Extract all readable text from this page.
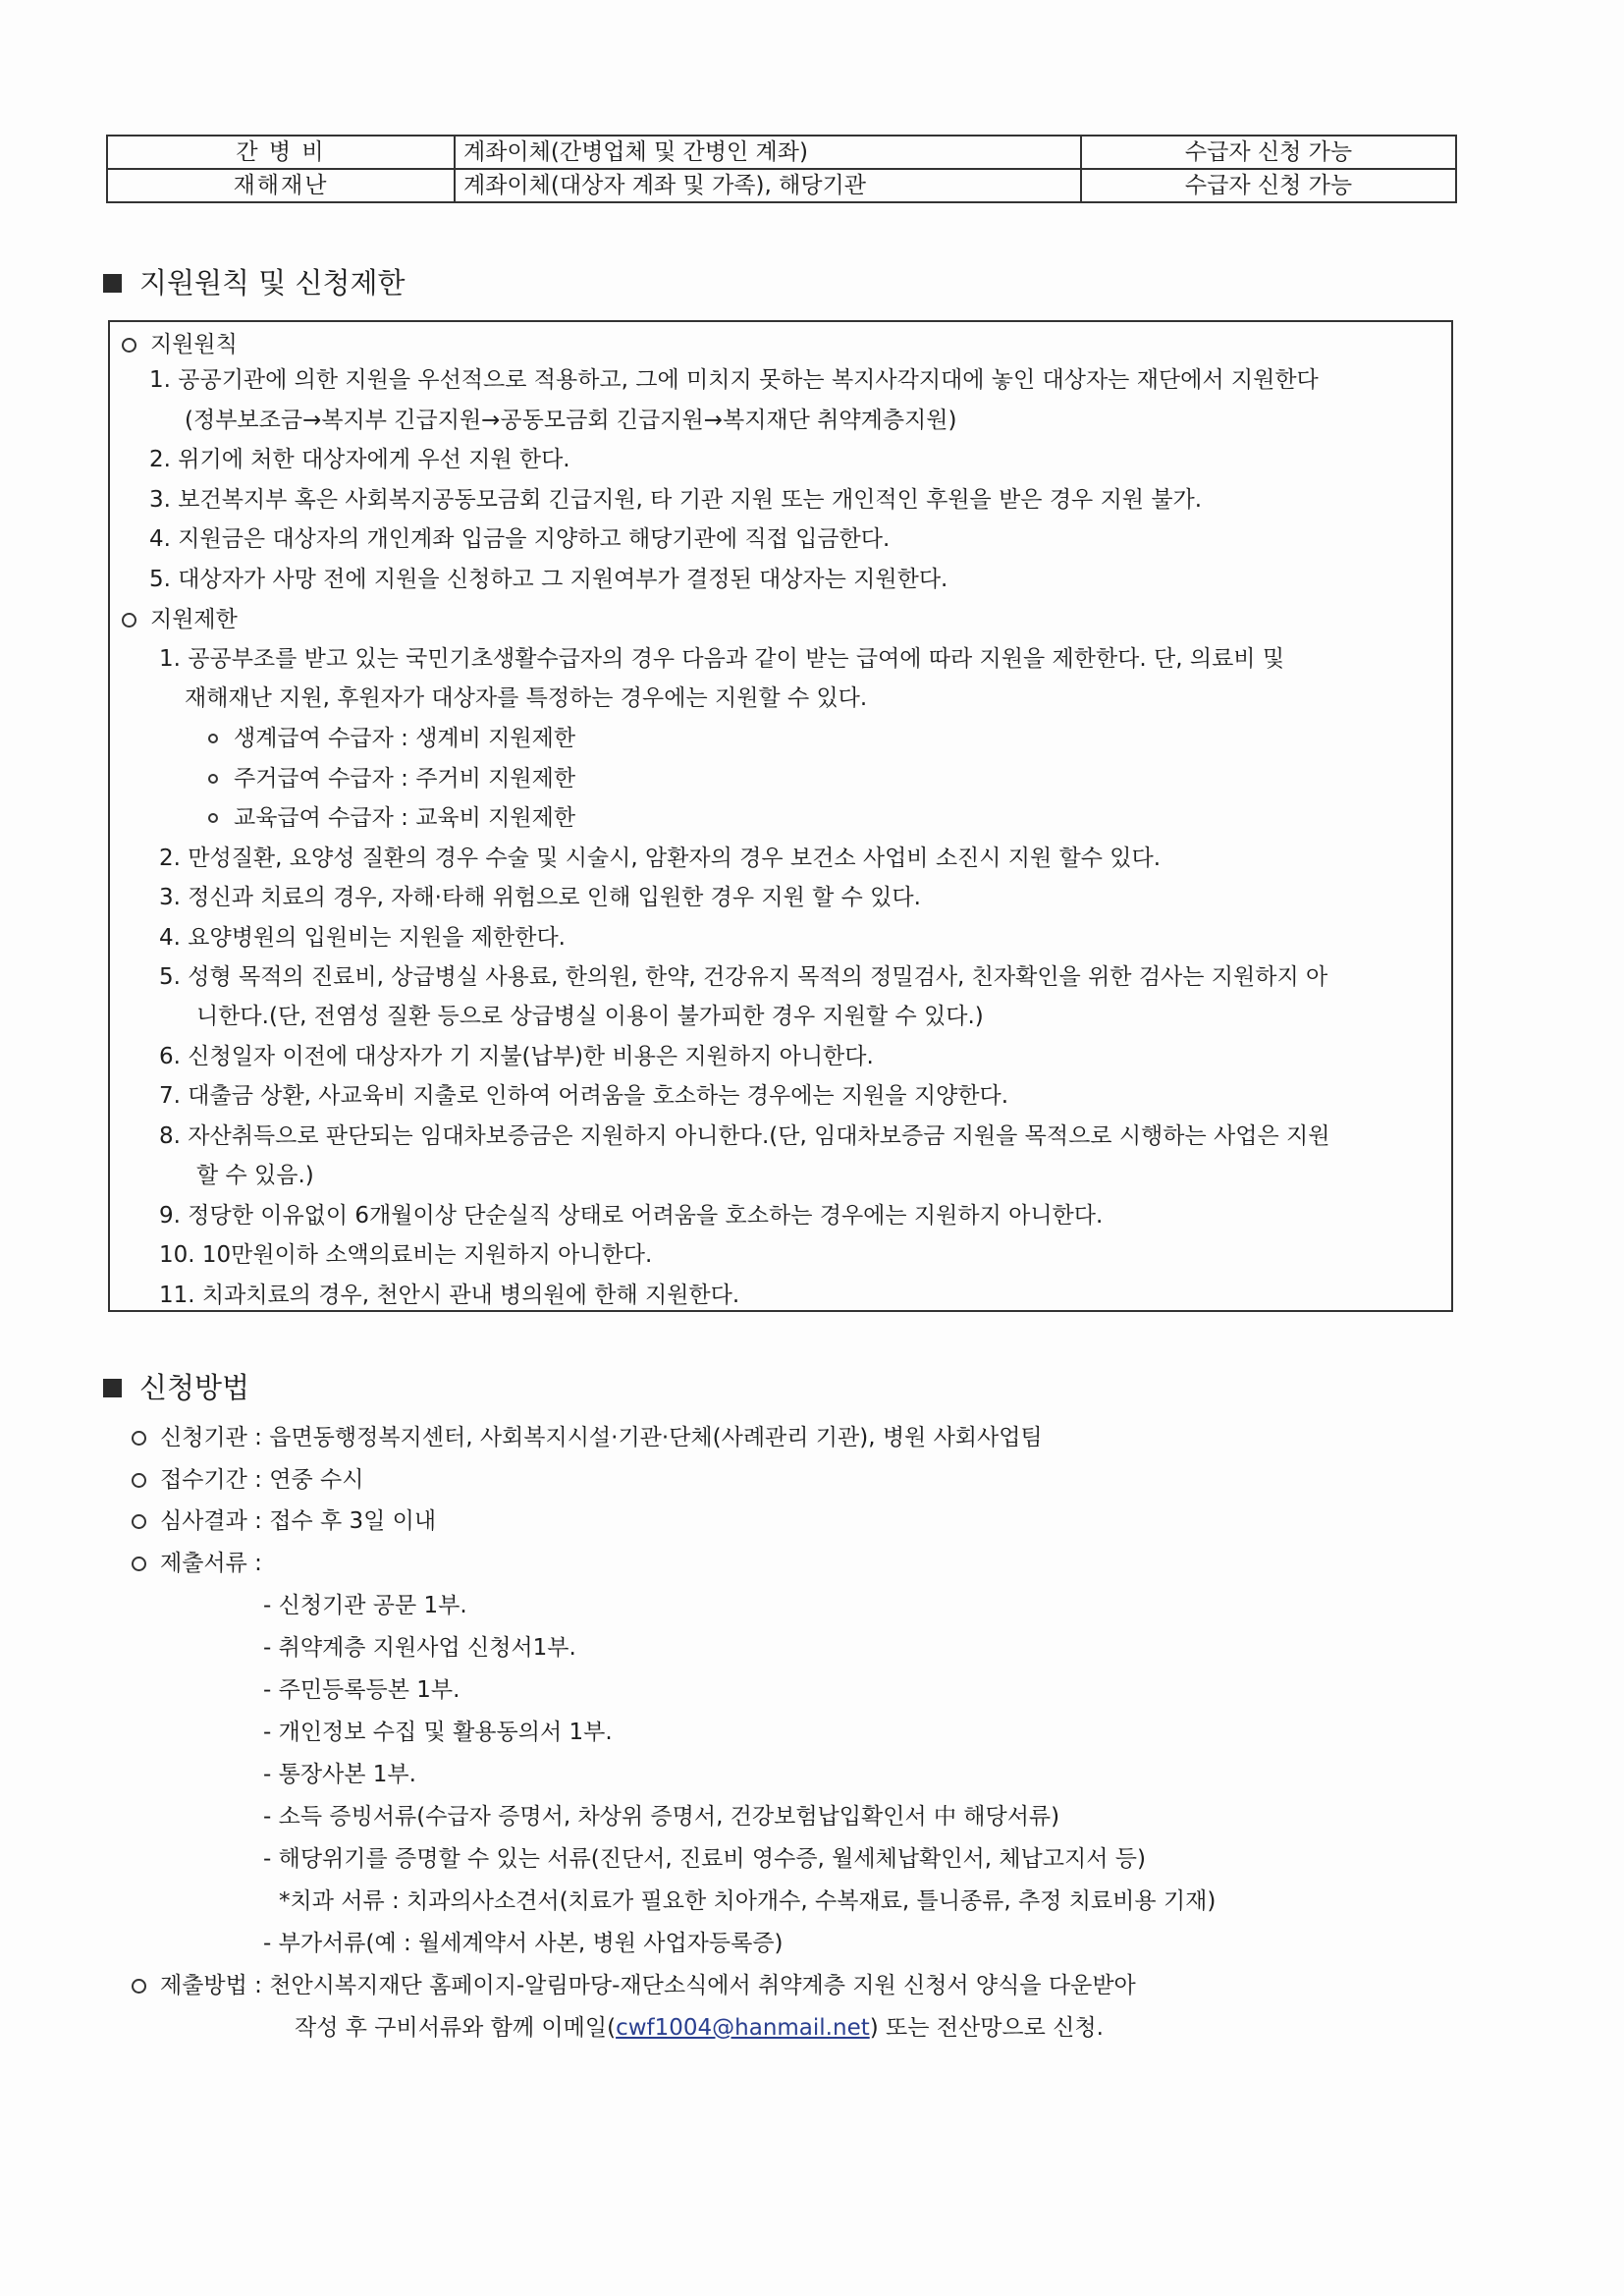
간 병 비	계좌이체(간병업체 및 간병인 계좌)	수급자 신청 가능
재해재난	계좌이체(대상자 계좌 및 가족), 해당기관	수급자 신청 가능
지원원칙 및 신청제한
지원원칙
1. 공공기관에 의한 지원을 우선적으로 적용하고, 그에 미치지 못하는 복지사각지대에 놓인 대상자는 재단에서 지원한다
(정부보조금→복지부 긴급지원→공동모금회 긴급지원→복지재단 취약계층지원)
2. 위기에 처한 대상자에게 우선 지원 한다.
3. 보건복지부 혹은 사회복지공동모금회 긴급지원, 타 기관 지원 또는 개인적인 후원을 받은 경우 지원 불가.
4. 지원금은 대상자의 개인계좌 입금을 지양하고 해당기관에 직접 입금한다.
5. 대상자가 사망 전에 지원을 신청하고 그 지원여부가 결정된 대상자는 지원한다.
지원제한
1. 공공부조를 받고 있는 국민기초생활수급자의 경우 다음과 같이 받는 급여에 따라 지원을 제한한다. 단, 의료비 및
재해재난 지원, 후원자가 대상자를 특정하는 경우에는 지원할 수 있다.
생계급여 수급자 : 생계비 지원제한
주거급여 수급자 : 주거비 지원제한
교육급여 수급자 : 교육비 지원제한
2. 만성질환, 요양성 질환의 경우 수술 및 시술시, 암환자의 경우 보건소 사업비 소진시 지원 할수 있다.
3. 정신과 치료의 경우, 자해·타해 위험으로 인해 입원한 경우 지원 할 수 있다.
4. 요양병원의 입원비는 지원을 제한한다.
5. 성형 목적의 진료비, 상급병실 사용료, 한의원, 한약, 건강유지 목적의 정밀검사, 친자확인을 위한 검사는 지원하지 아
니한다.(단, 전염성 질환 등으로 상급병실 이용이 불가피한 경우 지원할 수 있다.)
6. 신청일자 이전에 대상자가 기 지불(납부)한 비용은 지원하지 아니한다.
7. 대출금 상환, 사교육비 지출로 인하여 어려움을 호소하는 경우에는 지원을 지양한다.
8. 자산취득으로 판단되는 임대차보증금은 지원하지 아니한다.(단, 임대차보증금 지원을 목적으로 시행하는 사업은 지원
할 수 있음.)
9. 정당한 이유없이 6개월이상 단순실직 상태로 어려움을 호소하는 경우에는 지원하지 아니한다.
10. 10만원이하 소액의료비는 지원하지 아니한다.
11. 치과치료의 경우, 천안시 관내 병의원에 한해 지원한다.
신청방법
신청기관 : 읍면동행정복지센터, 사회복지시설·기관·단체(사례관리 기관), 병원 사회사업팀
접수기간 : 연중 수시
심사결과 : 접수 후 3일 이내
제출서류 :
- 신청기관 공문 1부.
- 취약계층 지원사업 신청서1부.
- 주민등록등본 1부.
- 개인정보 수집 및 활용동의서 1부.
- 통장사본 1부.
- 소득 증빙서류(수급자 증명서, 차상위 증명서, 건강보험납입확인서 中 해당서류)
- 해당위기를 증명할 수 있는 서류(진단서, 진료비 영수증, 월세체납확인서, 체납고지서 등)
*치과 서류 : 치과의사소견서(치료가 필요한 치아개수, 수복재료, 틀니종류, 추정 치료비용 기재)
- 부가서류(예 : 월세계약서 사본, 병원 사업자등록증)
제출방법 : 천안시복지재단 홈페이지-알림마당-재단소식에서 취약계층 지원 신청서 양식을 다운받아
작성 후 구비서류와 함께 이메일(cwf1004@hanmail.net) 또는 전산망으로 신청.
